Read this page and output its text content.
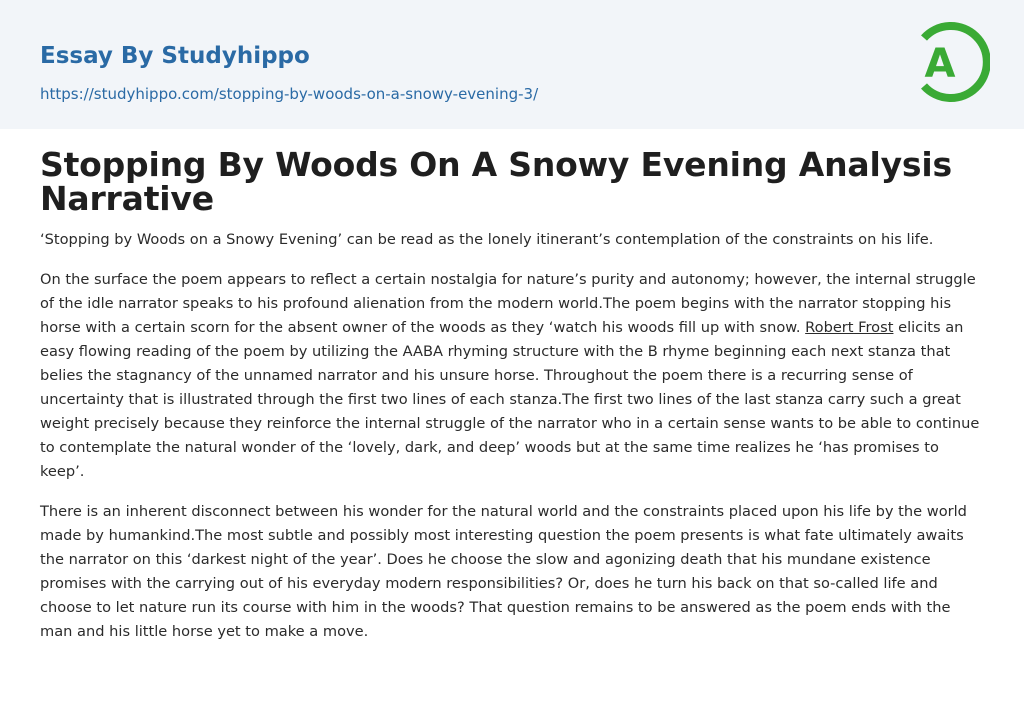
Essay By Studyhippo
https://studyhippo.com/stopping-by-woods-on-a-snowy-evening-3/
A
Stopping By Woods On A Snowy Evening Analysis Narrative

‘Stopping by Woods on a Snowy Evening’ can be read as the lonely itinerant’s contemplation of the constraints on his life.

On the surface the poem appears to reflect a certain nostalgia for nature’s purity and autonomy; however, the internal struggle of the idle narrator speaks to his profound alienation from the modern world.The poem begins with the narrator stopping his horse with a certain scorn for the absent owner of the woods as they ‘watch his woods fill up with snow. Robert Frost elicits an easy flowing reading of the poem by utilizing the AABA rhyming structure with the B rhyme beginning each next stanza that belies the stagnancy of the unnamed narrator and his unsure horse. Throughout the poem there is a recurring sense of uncertainty that is illustrated through the first two lines of each stanza.The first two lines of the last stanza carry such a great weight precisely because they reinforce the internal struggle of the narrator who in a certain sense wants to be able to continue to contemplate the natural wonder of the ‘lovely, dark, and deep’ woods but at the same time realizes he ‘has promises to keep’.

There is an inherent disconnect between his wonder for the natural world and the constraints placed upon his life by the world made by humankind.The most subtle and possibly most interesting question the poem presents is what fate ultimately awaits the narrator on this ‘darkest night of the year’. Does he choose the slow and agonizing death that his mundane existence promises with the carrying out of his everyday modern responsibilities? Or, does he turn his back on that so-called life and choose to let nature run its course with him in the woods? That question remains to be answered as the poem ends with the man and his little horse yet to make a move.
